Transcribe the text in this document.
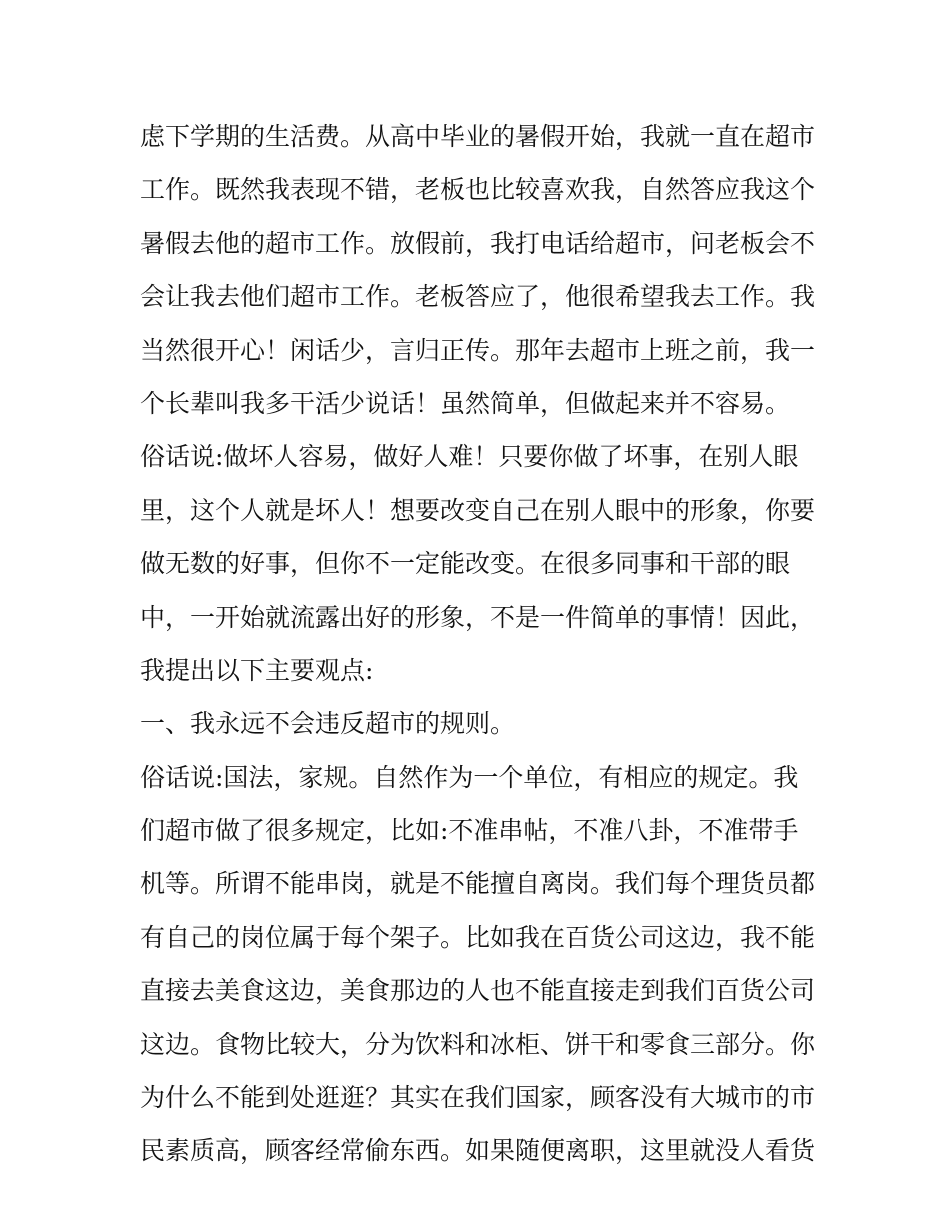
虑下学期的生活费。从高中毕业的暑假开始，我就一直在超市
工作。既然我表现不错，老板也比较喜欢我，自然答应我这个
暑假去他的超市工作。放假前，我打电话给超市，问老板会不
会让我去他们超市工作。老板答应了，他很希望我去工作。我
当然很开心！闲话少，言归正传。那年去超市上班之前，我一
个长辈叫我多干活少说话！虽然简单，但做起来并不容易。
俗话说:做坏人容易，做好人难！只要你做了坏事，在别人眼
里，这个人就是坏人！想要改变自己在别人眼中的形象，你要
做无数的好事，但你不一定能改变。在很多同事和干部的眼
中，一开始就流露出好的形象，不是一件简单的事情！因此，
我提出以下主要观点:
一、我永远不会违反超市的规则。
俗话说:国法，家规。自然作为一个单位，有相应的规定。我
们超市做了很多规定，比如:不准串帖，不准八卦，不准带手
机等。所谓不能串岗，就是不能擅自离岗。我们每个理货员都
有自己的岗位属于每个架子。比如我在百货公司这边，我不能
直接去美食这边，美食那边的人也不能直接走到我们百货公司
这边。食物比较大，分为饮料和冰柜、饼干和零食三部分。你
为什么不能到处逛逛？其实在我们国家，顾客没有大城市的市
民素质高，顾客经常偷东西。如果随便离职，这里就没人看货
